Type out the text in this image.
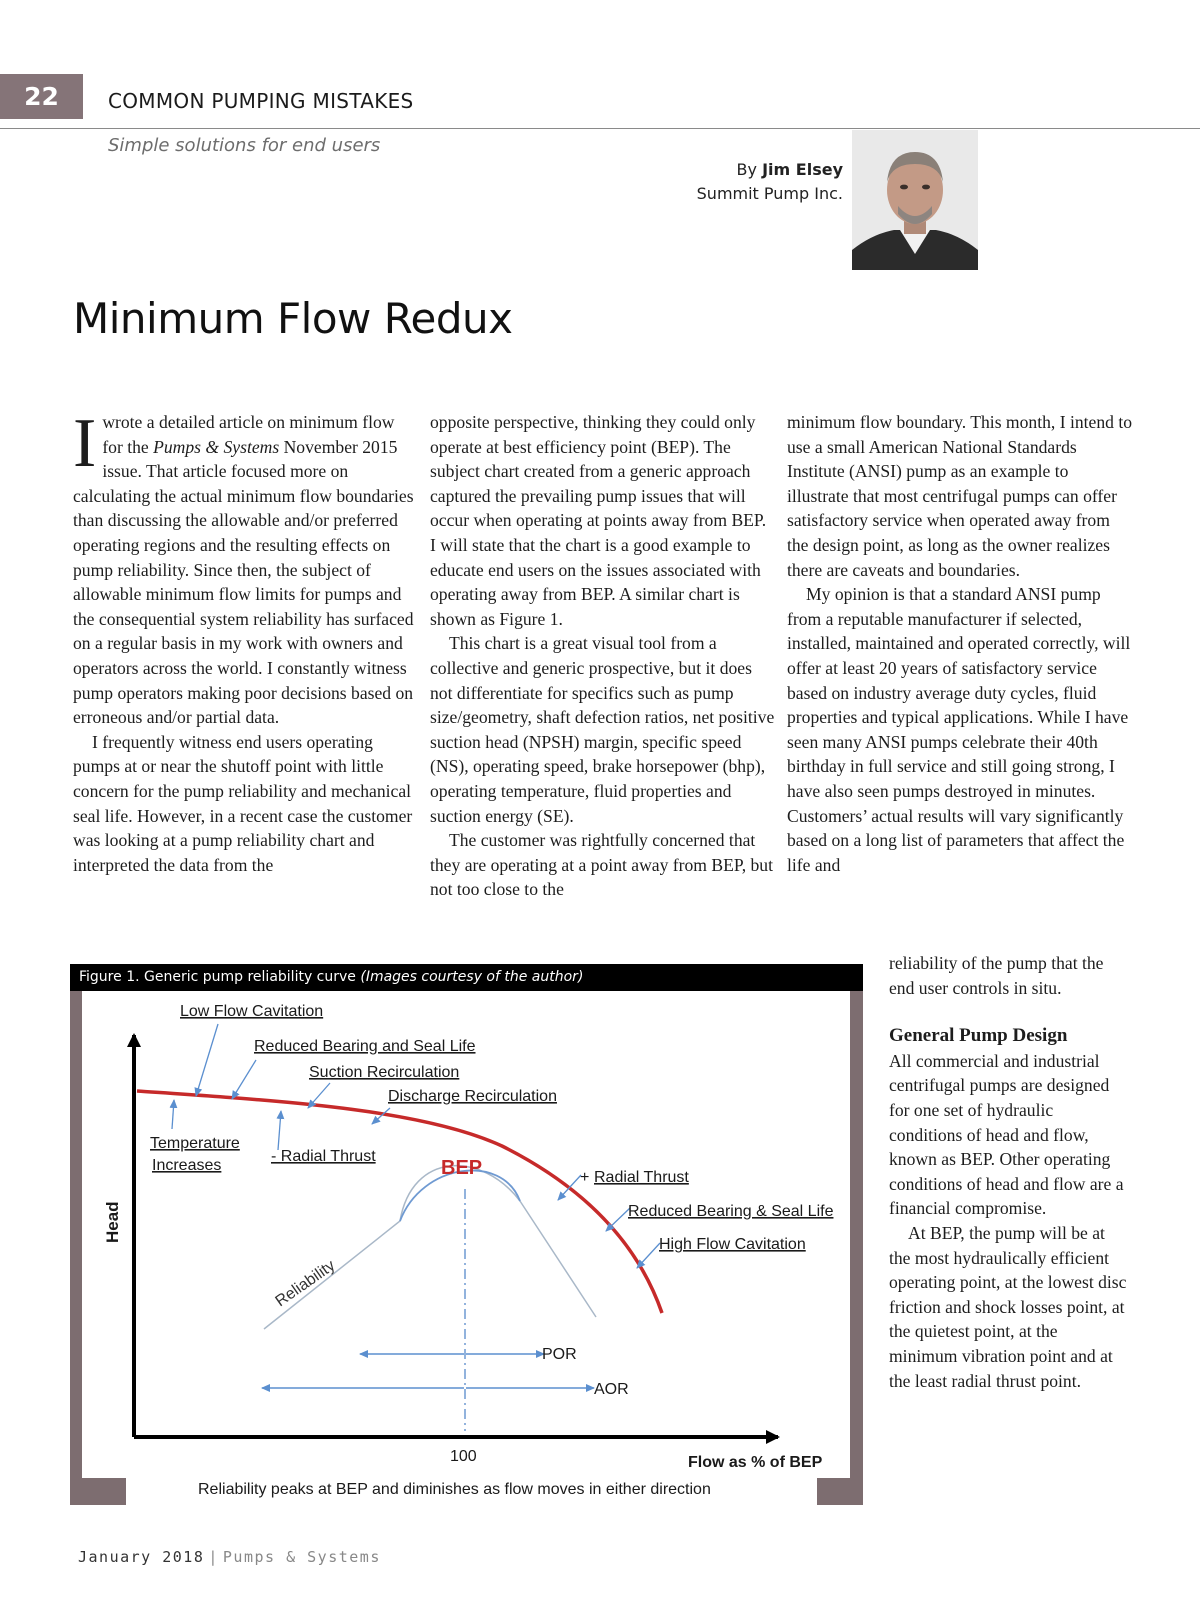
22	COMMON PUMPING MISTAKES
Simple solutions for end users
By Jim Elsey
Summit Pump Inc.
Minimum Flow Redux

Iwrote a detailed article on minimum flow for the Pumps & Systems November 2015 issue. That article focused more on calculating the actual minimum flow boundaries than discussing the allowable and/or preferred operating regions and the resulting effects on pump reliability. Since then, the subject of allowable minimum flow limits for pumps and the consequential system reliability has surfaced on a regular basis in my work with owners and operators across the world. I constantly witness pump operators making poor decisions based on erroneous and/or partial data.

I frequently witness end users operating pumps at or near the shutoff point with little concern for the pump reliability and mechanical seal life. However, in a recent case the customer was looking at a pump reliability chart and interpreted the data from the

opposite perspective, thinking they could only operate at best efficiency point (BEP). The subject chart created from a generic approach captured the prevailing pump issues that will occur when operating at points away from BEP. I will state that the chart is a good example to educate end users on the issues associated with operating away from BEP. A similar chart is shown as Figure 1.

This chart is a great visual tool from a collective and generic prospective, but it does not differentiate for specifics such as pump size/geometry, shaft defection ratios, net positive suction head (NPSH) margin, specific speed (NS), operating speed, brake horsepower (bhp), operating temperature, fluid properties and suction energy (SE).

The customer was rightfully concerned that they are operating at a point away from BEP, but not too close to the

minimum flow boundary. This month, I intend to use a small American National Standards Institute (ANSI) pump as an example to illustrate that most centrifugal pumps can offer satisfactory service when operated away from the design point, as long as the owner realizes there are caveats and boundaries.

My opinion is that a standard ANSI pump from a reputable manufacturer if selected, installed, maintained and operated correctly, will offer at least 20 years of satisfactory service based on industry average duty cycles, fluid properties and typical applications. While I have seen many ANSI pumps celebrate their 40th birthday in full service and still going strong, I have also seen pumps destroyed in minutes. Customers’ actual results will vary significantly based on a long list of parameters that affect the life and

reliability of the pump that the end user controls in situ.

General Pump Design

All commercial and industrial centrifugal pumps are designed for one set of hydraulic conditions of head and flow, known as BEP. Other operating conditions of head and flow are a financial compromise.

At BEP, the pump will be at the most hydraulically efficient operating point, at the lowest disc friction and shock losses point, at the quietest point, at the minimum vibration point and at the least radial thrust point.

Figure 1. Generic pump reliability curve (Images courtesy of the author)
Low Flow Cavitation
Reduced Bearing and Seal Life
Suction Recirculation
Discharge Recirculation
Temperature
Increases
- Radial Thrust
Radial Thrust
Reduced Bearing & Seal Life
High Flow Cavitation
+
BEP
Head
Reliability
POR
AOR
100	Flow as % of BEP
Reliability peaks at BEP and diminishes as flow moves in either direction
January 2018 | Pumps & Systems
